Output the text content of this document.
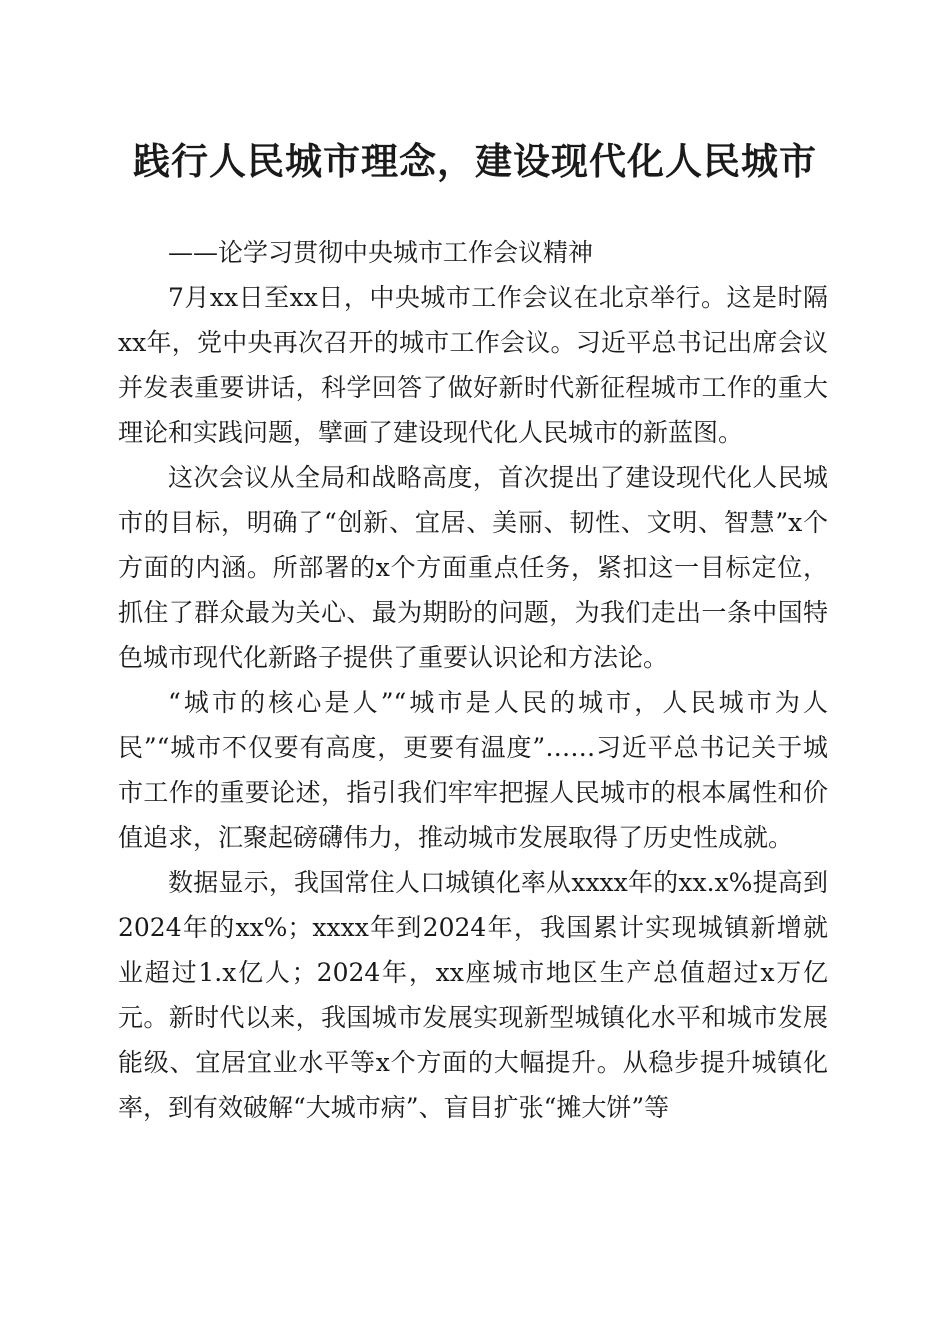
践行人民城市理念，建设现代化人民城市
——论学习贯彻中央城市工作会议精神

7月xx日至xx日，中央城市工作会议在北京举行。这是时隔xx年，党中央再次召开的城市工作会议。习近平总书记出席会议并发表重要讲话，科学回答了做好新时代新征程城市工作的重大理论和实践问题，擘画了建设现代化人民城市的新蓝图。

这次会议从全局和战略高度，首次提出了建设现代化人民城市的目标，明确了“创新、宜居、美丽、韧性、文明、智慧”x个方面的内涵。所部署的x个方面重点任务，紧扣这一目标定位，抓住了群众最为关心、最为期盼的问题，为我们走出一条中国特色城市现代化新路子提供了重要认识论和方法论。

“城市的核心是人”“城市是人民的城市，人民城市为人民”“城市不仅要有高度，更要有温度”……习近平总书记关于城市工作的重要论述，指引我们牢牢把握人民城市的根本属性和价值追求，汇聚起磅礴伟力，推动城市发展取得了历史性成就。

数据显示，我国常住人口城镇化率从xxxx年的xx.x%提高到2024年的xx%；xxxx年到2024年，我国累计实现城镇新增就业超过1.x亿人；2024年，xx座城市地区生产总值超过x万亿元。新时代以来，我国城市发展实现新型城镇化水平和城市发展能级、宜居宜业水平等x个方面的大幅提升。从稳步提升城镇化率，到有效破解“大城市病”、盲目扩张“摊大饼”等
